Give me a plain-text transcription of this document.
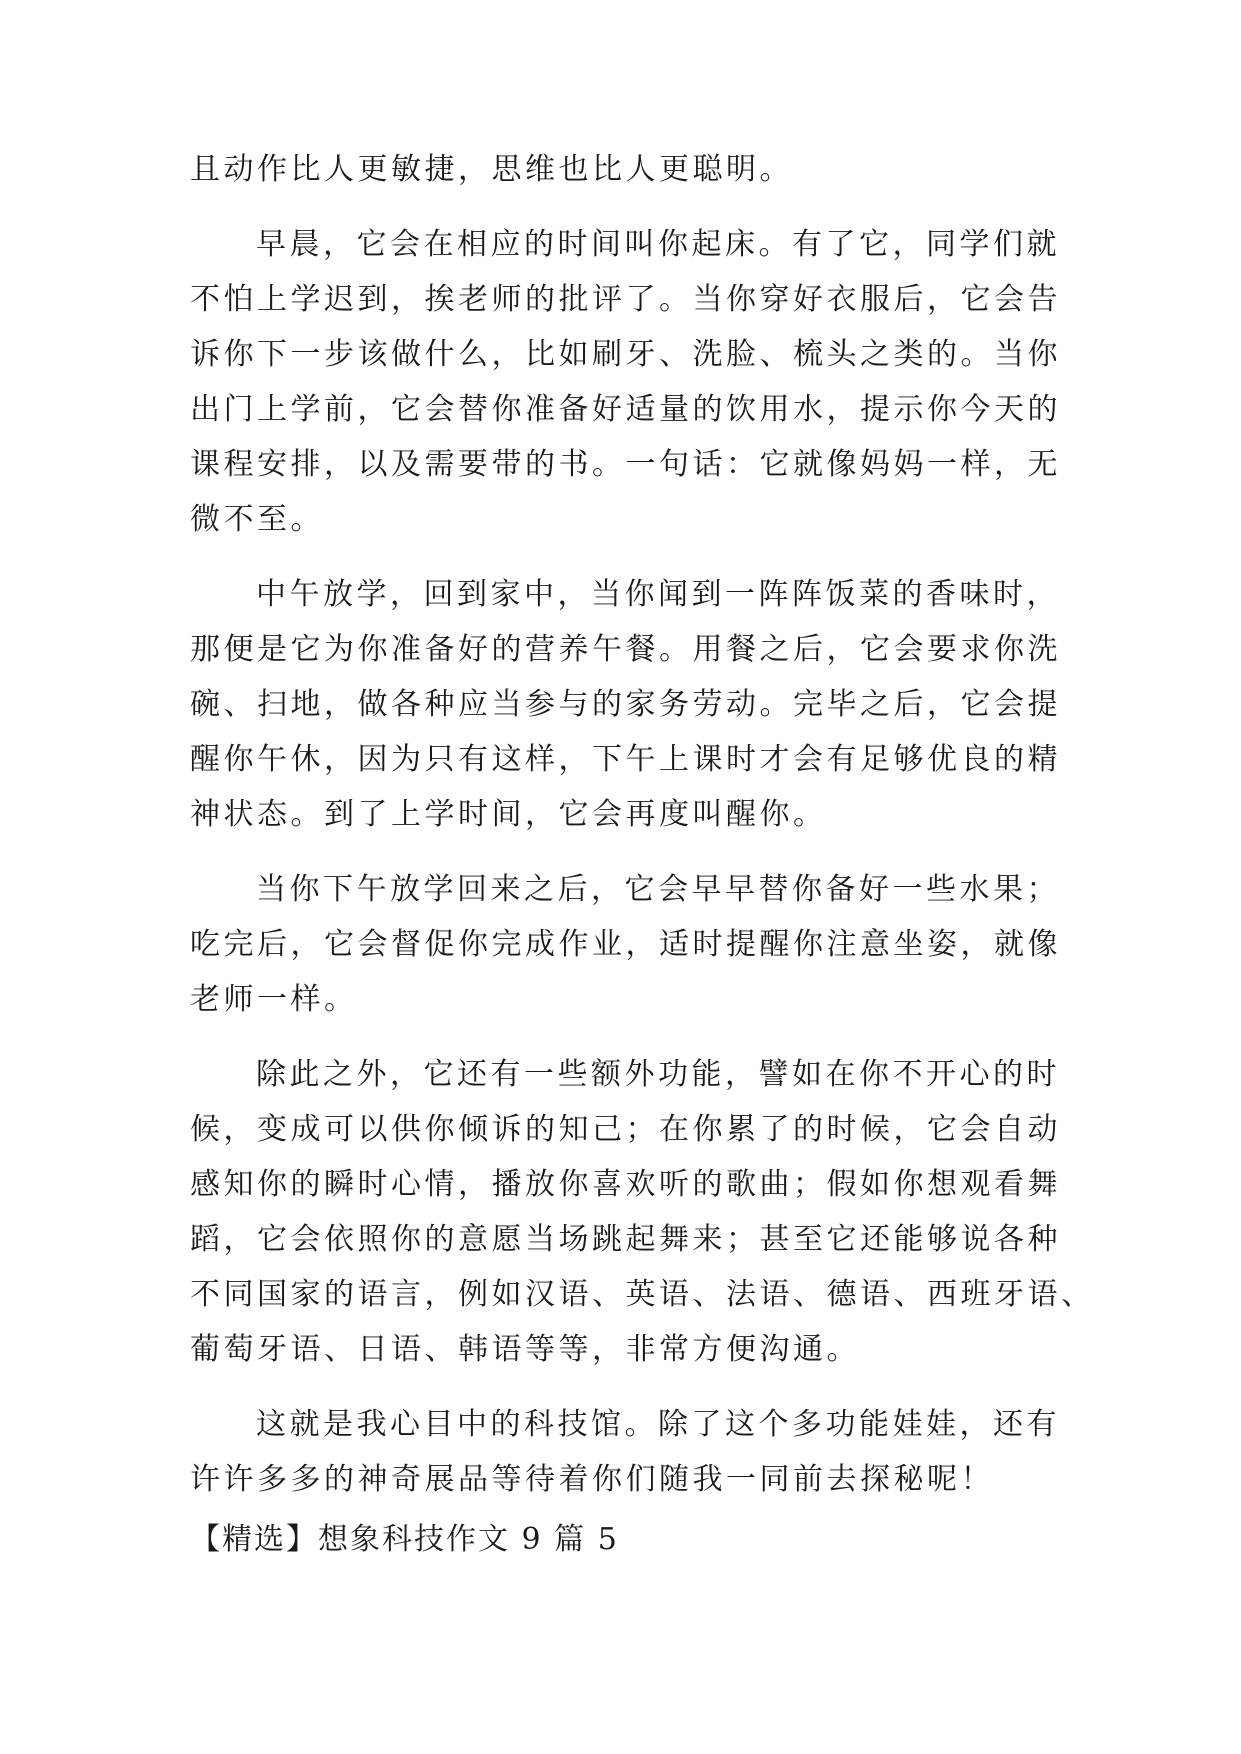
且动作比人更敏捷，思维也比人更聪明。
早晨，它会在相应的时间叫你起床。有了它，同学们就
不怕上学迟到，挨老师的批评了。当你穿好衣服后，它会告
诉你下一步该做什么，比如刷牙、洗脸、梳头之类的。当你
出门上学前，它会替你准备好适量的饮用水，提示你今天的
课程安排，以及需要带的书。一句话：它就像妈妈一样，无
微不至。
中午放学，回到家中，当你闻到一阵阵饭菜的香味时，
那便是它为你准备好的营养午餐。用餐之后，它会要求你洗
碗、扫地，做各种应当参与的家务劳动。完毕之后，它会提
醒你午休，因为只有这样，下午上课时才会有足够优良的精
神状态。到了上学时间，它会再度叫醒你。
当你下午放学回来之后，它会早早替你备好一些水果；
吃完后，它会督促你完成作业，适时提醒你注意坐姿，就像
老师一样。
除此之外，它还有一些额外功能，譬如在你不开心的时
候，变成可以供你倾诉的知己；在你累了的时候，它会自动
感知你的瞬时心情，播放你喜欢听的歌曲；假如你想观看舞
蹈，它会依照你的意愿当场跳起舞来；甚至它还能够说各种
不同国家的语言，例如汉语、英语、法语、德语、西班牙语、
葡萄牙语、日语、韩语等等，非常方便沟通。
这就是我心目中的科技馆。除了这个多功能娃娃，还有
许许多多的神奇展品等待着你们随我一同前去探秘呢！
【精选】想象科技作文 9 篇 5
